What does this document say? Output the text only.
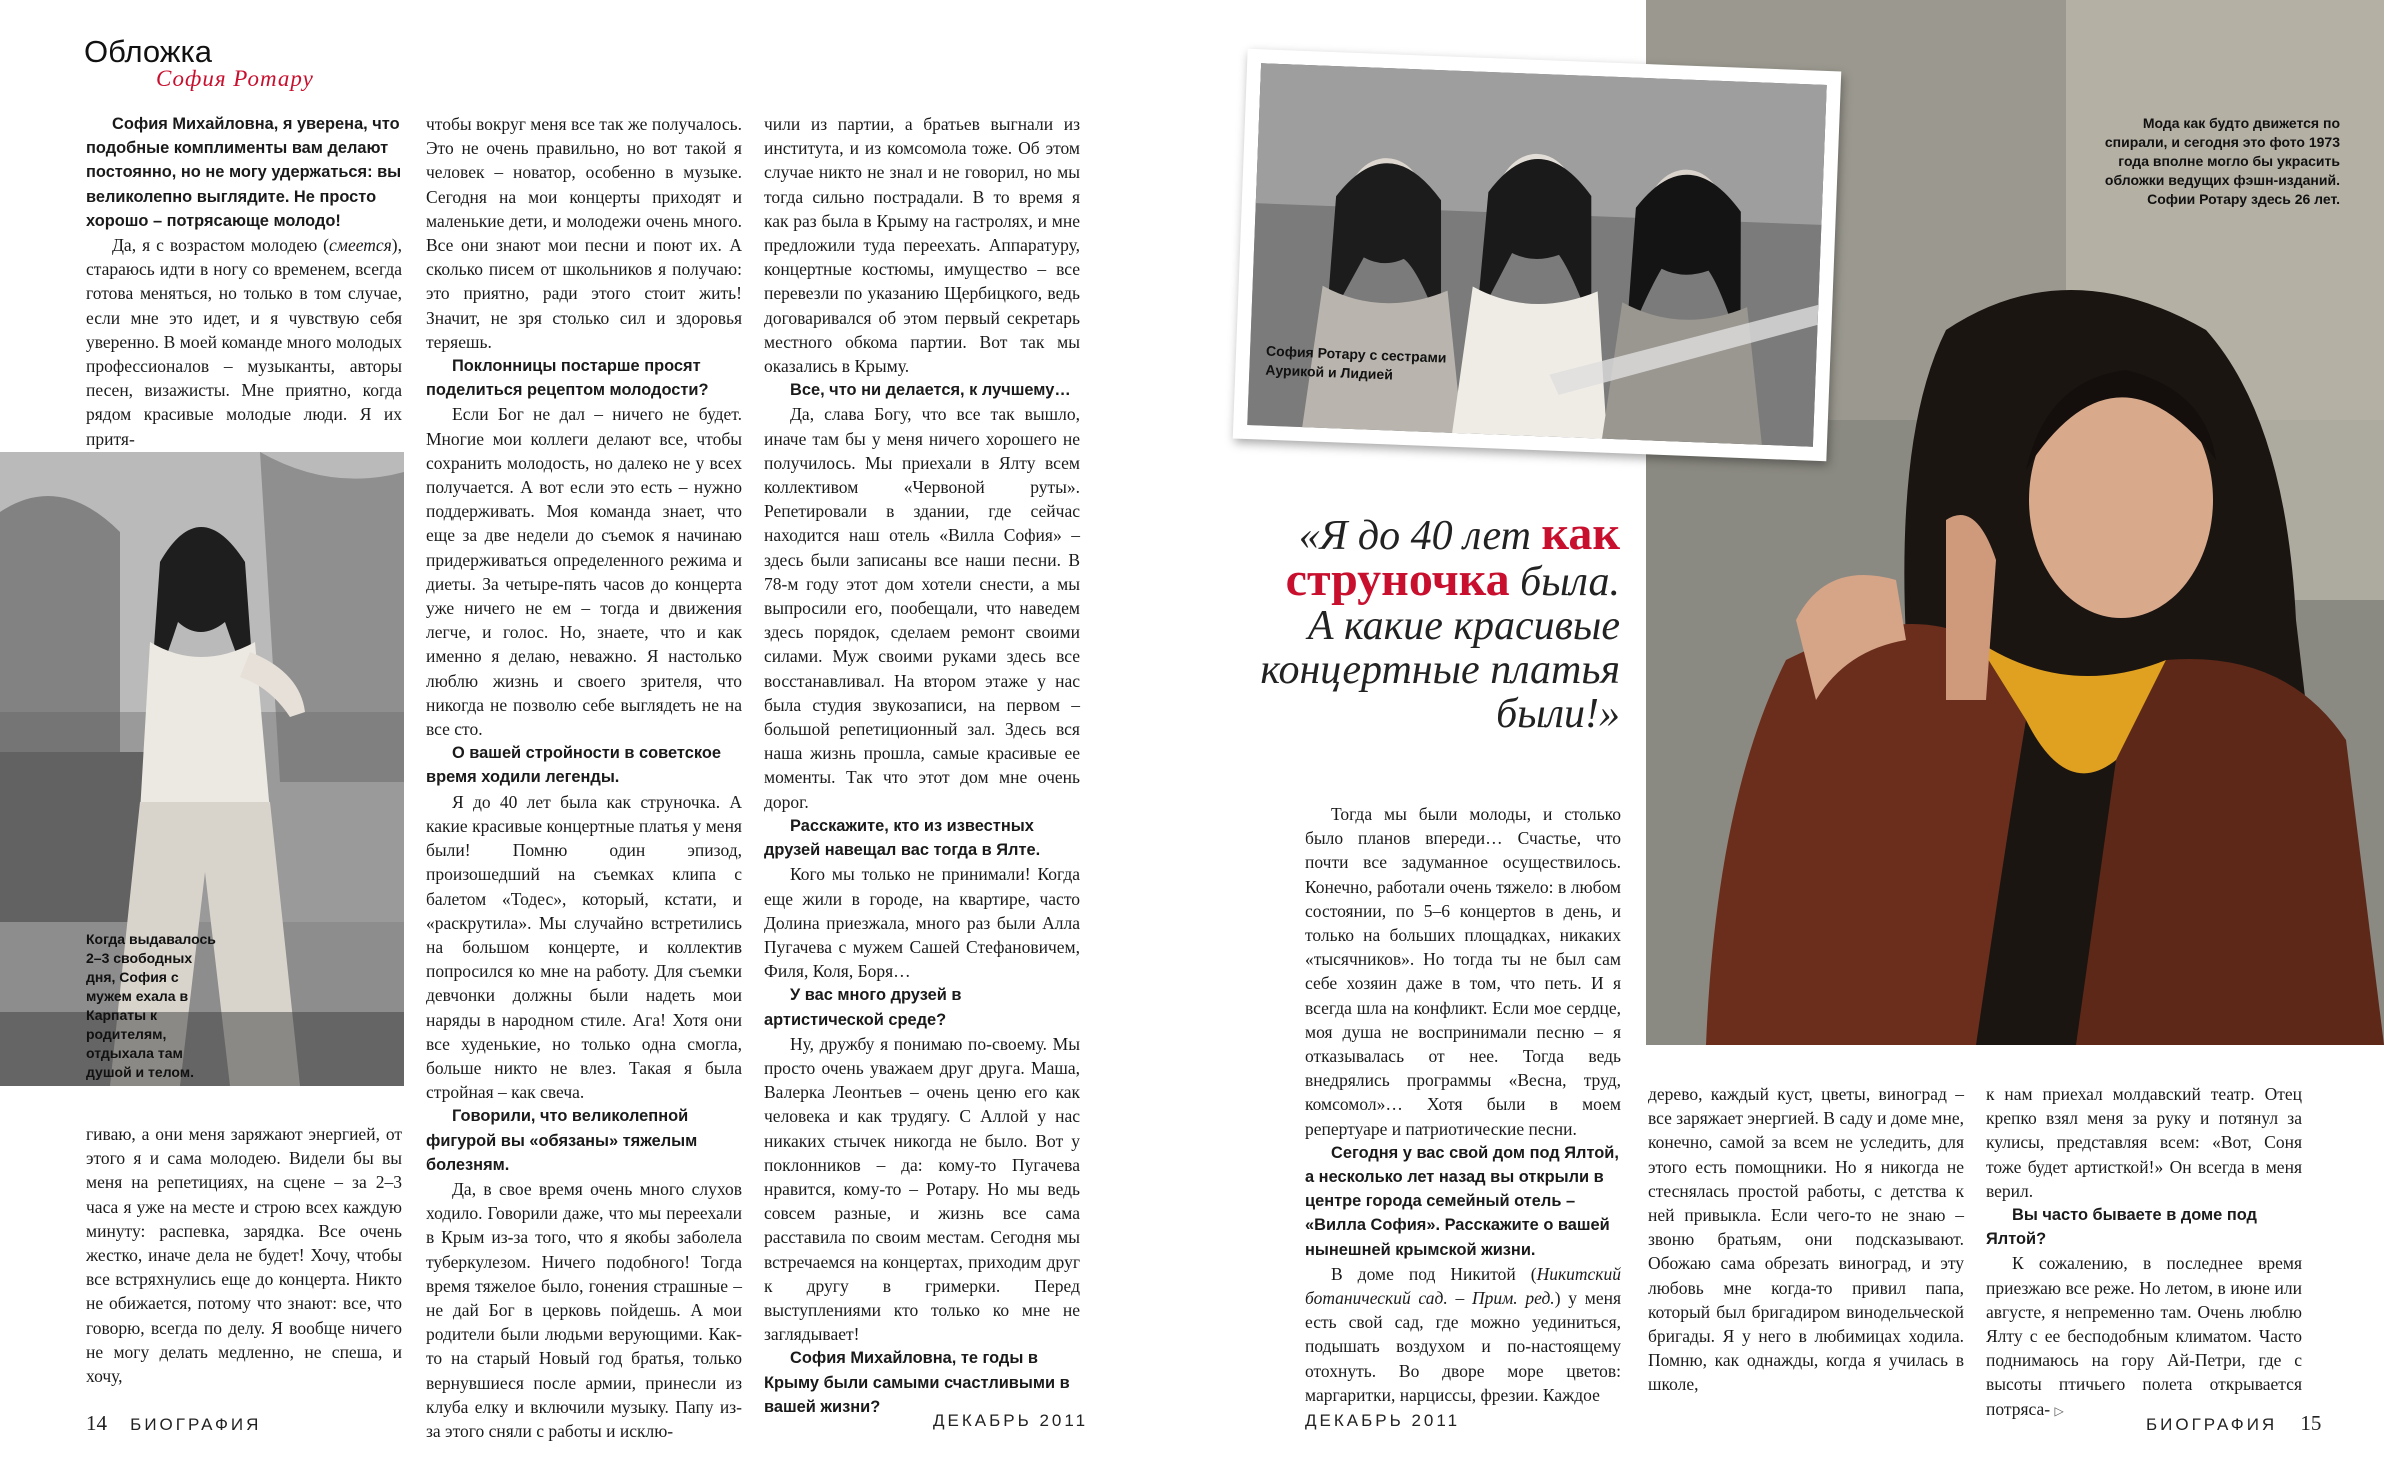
Обложка
София Ротару

София Михайловна, я уверена, что подобные комплименты вам делают постоянно, но не могу удержаться: вы великолепно выглядите. Не просто хорошо – потрясающе молодо!

Да, я с возрастом молодею (смеется), стараюсь идти в ногу со временем, всегда готова меняться, но только в том случае, если мне это идет, и я чувствую себя уверенно. В моей команде много молодых профессионалов – музыканты, авторы песен, визажисты. Мне приятно, когда рядом красивые молодые люди. Я их притя-

Когда выдавалось 2–3 свободных дня, София с мужем ехала в Карпаты к родителям, отдыхала там душой и телом.

гиваю, а они меня заряжают энергией, от этого я и сама молодею. Видели бы вы меня на репетициях, на сцене – за 2–3 часа я уже на месте и строю всех каждую минуту: распевка, зарядка. Все очень жестко, иначе дела не будет! Хочу, чтобы все встряхнулись еще до концерта. Никто не обижается, потому что знают: все, что говорю, всегда по делу. Я вообще ничего не могу делать медленно, не спеша, и хочу,

чтобы вокруг меня все так же получалось. Это не очень правильно, но вот такой я человек – новатор, особенно в музыке. Сегодня на мои концерты приходят и маленькие дети, и молодежи очень много. Все они знают мои песни и поют их. А сколько писем от школьников я получаю: это приятно, ради этого стоит жить! Значит, не зря столько сил и здоровья теряешь.

Поклонницы постарше просят поделиться рецептом молодости?

Если Бог не дал – ничего не будет. Многие мои коллеги делают все, чтобы сохранить молодость, но далеко не у всех получается. А вот если это есть – нужно поддерживать. Моя команда знает, что еще за две недели до съемок я начинаю придерживаться определенного режима и диеты. За четыре-пять часов до концерта уже ничего не ем – тогда и движения легче, и голос. Но, знаете, что и как именно я делаю, неважно. Я настолько люблю жизнь и своего зрителя, что никогда не позволю себе выглядеть не на все сто.

О вашей стройности в советское время ходили легенды.

Я до 40 лет была как струночка. А какие красивые концертные платья у меня были! Помню один эпизод, произошедший на съемках клипа с балетом «Тодес», который, кстати, и «раскрутила». Мы случайно встретились на большом концерте, и коллектив попросился ко мне на работу. Для съемки девчонки должны были надеть мои наряды в народном стиле. Ага! Хотя они все худенькие, но только одна смогла, больше никто не влез. Такая я была стройная – как свеча.

Говорили, что великолепной фигурой вы «обязаны» тяжелым болезням.

Да, в свое время очень много слухов ходило. Говорили даже, что мы переехали в Крым из-за того, что я якобы заболела туберкулезом. Ничего подобного! Тогда время тяжелое было, гонения страшные – не дай Бог в церковь пойдешь. А мои родители были людьми верующими. Как-то на старый Новый год братья, только вернувшиеся после армии, принесли из клуба елку и включили музыку. Папу из-за этого сняли с работы и исклю-

чили из партии, а братьев выгнали из института, и из комсомола тоже. Об этом случае никто не знал и не говорил, но мы тогда сильно пострадали. В то время я как раз была в Крыму на гастролях, и мне предложили туда переехать. Аппаратуру, концертные костюмы, имущество – все перевезли по указанию Щербицкого, ведь договаривался об этом первый секретарь местного обкома партии. Вот так мы оказались в Крыму.

Все, что ни делается, к лучшему…

Да, слава Богу, что все так вышло, иначе там бы у меня ничего хорошего не получилось. Мы приехали в Ялту всем коллективом «Червоной руты». Репетировали в здании, где сейчас находится наш отель «Вилла София» – здесь были записаны все наши песни. В 78-м году этот дом хотели снести, а мы выпросили его, пообещали, что наведем здесь порядок, сделаем ремонт своими силами. Муж своими руками здесь все восстанавливал. На втором этаже у нас была студия звукозаписи, на первом – большой репетиционный зал. Здесь вся наша жизнь прошла, самые красивые ее моменты. Так что этот дом мне очень дорог.

Расскажите, кто из известных друзей навещал вас тогда в Ялте.

Кого мы только не принимали! Когда еще жили в городе, на квартире, часто Долина приезжала, много раз были Алла Пугачева с мужем Сашей Стефановичем, Филя, Коля, Боря…

У вас много друзей в артистической среде?

Ну, дружбу я понимаю по-своему. Мы просто очень уважаем друг друга. Маша, Валерка Леонтьев – очень ценю его как человека и как трудягу. С Аллой у нас никаких стычек никогда не было. Вот у поклонников – да: кому-то Пугачева нравится, кому-то – Ротару. Но мы ведь совсем разные, и жизнь все сама расставила по своим местам. Сегодня мы встречаемся на концертах, приходим друг к другу в гримерки. Перед выступлениями кто только ко мне не заглядывает!

София Михайловна, те годы в Крыму были самыми счастливыми в вашей жизни?

14 БИОГРАФИЯ	ДЕКАБРЬ 2011
Мода как будто движется по спирали, и сегодня это фото 1973 года вполне могло бы украсить обложки ведущих фэшн-изданий. Софии Ротару здесь 26 лет.
София Ротару с сестрами Аурикой и Лидией
«Я до 40 лет как струночка была. А какие красивые концертные платья были!»

Тогда мы были молоды, и столько было планов впереди… Счастье, что почти все задуманное осуществилось. Конечно, работали очень тяжело: в любом состоянии, по 5–6 концертов в день, и только на больших площадках, никаких «тысячников». Но тогда ты не был сам себе хозяин даже в том, что петь. И я всегда шла на конфликт. Если мое сердце, моя душа не воспринимали песню – я отказывалась от нее. Тогда ведь внедрялись программы «Весна, труд, комсомол»… Хотя были в моем репертуаре и патриотические песни.

Сегодня у вас свой дом под Ялтой, а несколько лет назад вы открыли в центре города семейный отель – «Вилла София». Расскажите о вашей нынешней крымской жизни.

В доме под Никитой (Никитский ботанический сад. – Прим. ред.) у меня есть свой сад, где можно уединиться, подышать воздухом и по-настоящему отохнуть. Во дворе море цветов: маргаритки, нарциссы, фрезии. Каждое

дерево, каждый куст, цветы, виноград – все заряжает энергией. В саду и доме мне, конечно, самой за всем не уследить, для этого есть помощники. Но я никогда не стеснялась простой работы, с детства к ней привыкла. Если чего-то не знаю – звоню братьям, они подсказывают. Обожаю сама обрезать виноград, и эту любовь мне когда-то привил папа, который был бригадиром винодельческой бригады. Я у него в любимицах ходила. Помню, как однажды, когда я училась в школе,

к нам приехал молдавский театр. Отец крепко взял меня за руку и потянул за кулисы, представляя всем: «Вот, Соня тоже будет артисткой!» Он всегда в меня верил.

Вы часто бываете в доме под Ялтой?

К сожалению, в последнее время приезжаю все реже. Но летом, в июне или августе, я непременно там. Очень люблю Ялту с ее бесподобным климатом. Часто поднимаюсь на гору Ай-Петри, где с высоты птичьего полета открывается потряса- ▷

ДЕКАБРЬ 2011	БИОГРАФИЯ 15
